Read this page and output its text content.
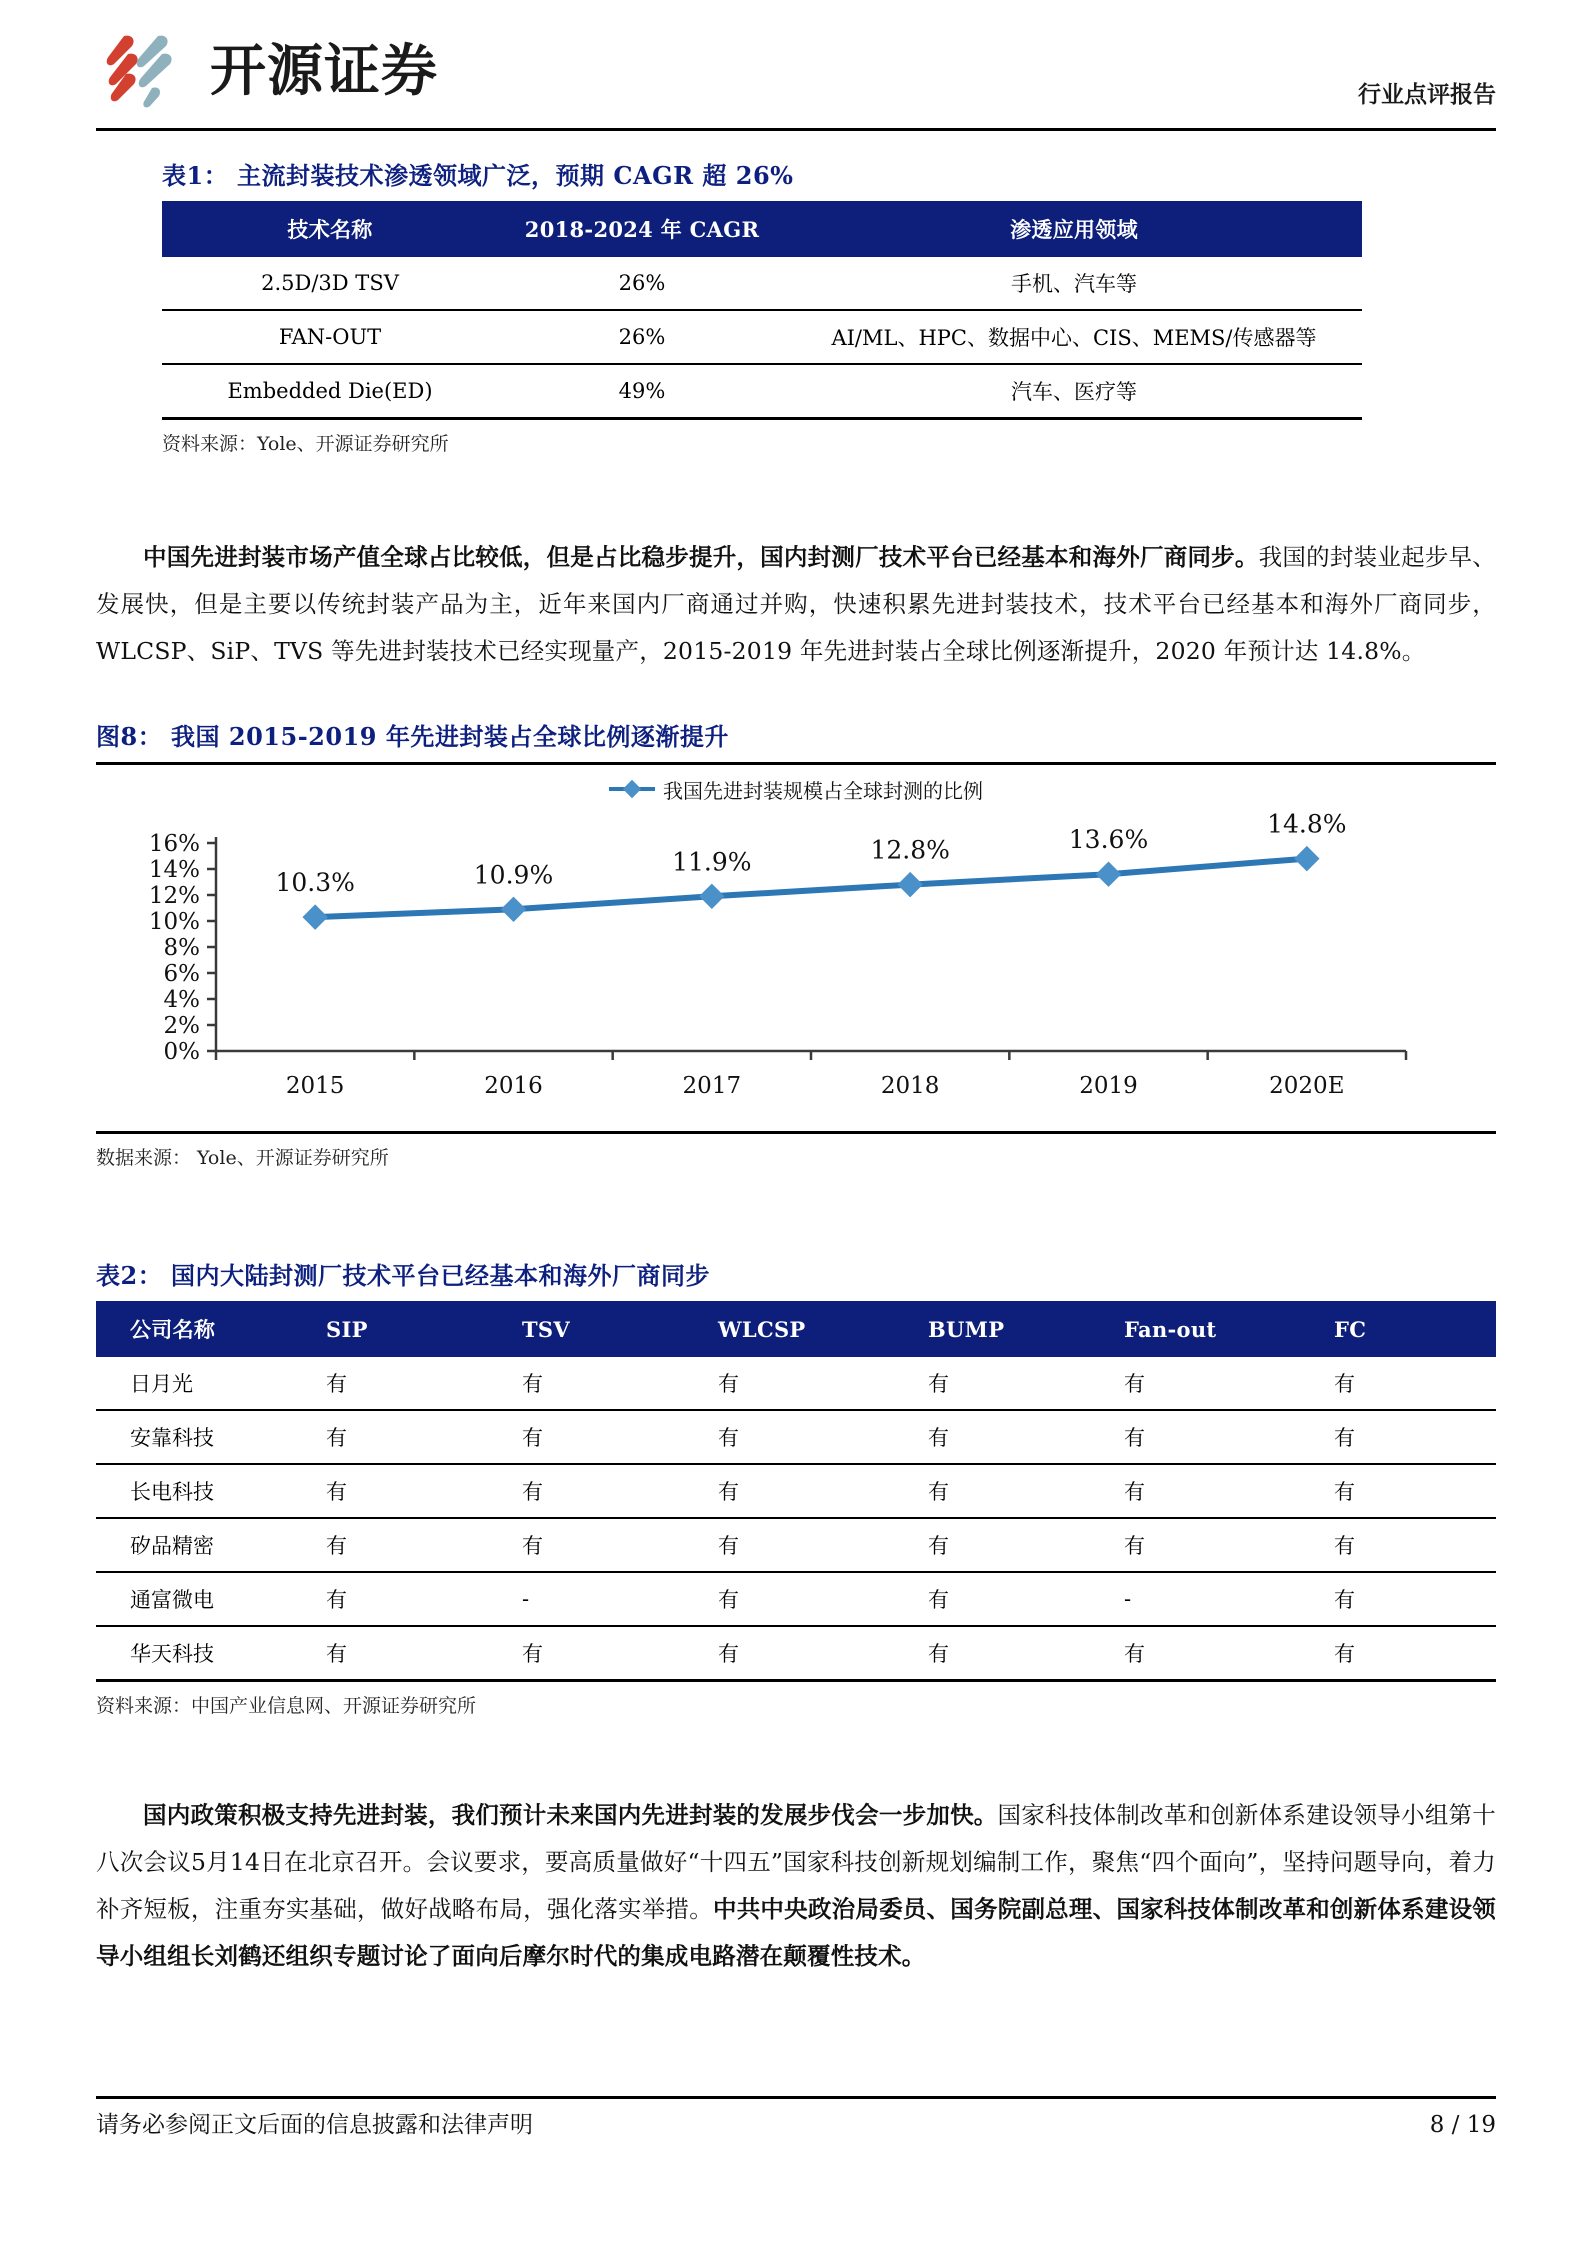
开源证券	行业点评报告
表1： 主流封装技术渗透领域广泛，预期 CAGR 超 26%
技术名称	2018-2024 年 CAGR	渗透应用领域
2.5D/3D TSV	26%	手机、汽车等
FAN-OUT	26%	AI/ML、HPC、数据中心、CIS、MEMS/传感器等
Embedded Die(ED)	49%	汽车、医疗等
资料来源：Yole、开源证券研究所

中国先进封装市场产值全球占比较低，但是占比稳步提升，国内封测厂技术平台已经基本和海外厂商同步。我国的封装业起步早、发展快，但是主要以传统封装产品为主，近年来国内厂商通过并购，快速积累先进封装技术，技术平台已经基本和海外厂商同步，WLCSP、SiP、TVS 等先进封装技术已经实现量产，2015-2019 年先进封装占全球比例逐渐提升，2020 年预计达 14.8%。

图8： 我国 2015-2019 年先进封装占全球比例逐渐提升
我国先进封装规模占全球封测的比例
0%
2%
4%
6%
8%
10%
12%
14%
16%
2015	2016	2017	2018	2019	2020E
10.3%	10.9%	11.9%	12.8%	13.6%
14.8%
数据来源： Yole、开源证券研究所
表2： 国内大陆封测厂技术平台已经基本和海外厂商同步
公司名称	SIP	TSV	WLCSP	BUMP	Fan-out	FC
日月光	有	有	有	有	有	有
安靠科技	有	有	有	有	有	有
长电科技	有	有	有	有	有	有
矽品精密	有	有	有	有	有	有
通富微电	有	-	有	有	-	有
华天科技	有	有	有	有	有	有
资料来源：中国产业信息网、开源证券研究所

国内政策积极支持先进封装，我们预计未来国内先进封装的发展步伐会一步加快。国家科技体制改革和创新体系建设领导小组第十八次会议5月14日在北京召开。会议要求，要高质量做好“十四五”国家科技创新规划编制工作，聚焦“四个面向”，坚持问题导向，着力补齐短板，注重夯实基础，做好战略布局，强化落实举措。中共中央政治局委员、国务院副总理、国家科技体制改革和创新体系建设领导小组组长刘鹤还组织专题讨论了面向后摩尔时代的集成电路潜在颠覆性技术。

请务必参阅正文后面的信息披露和法律声明	8 / 19
